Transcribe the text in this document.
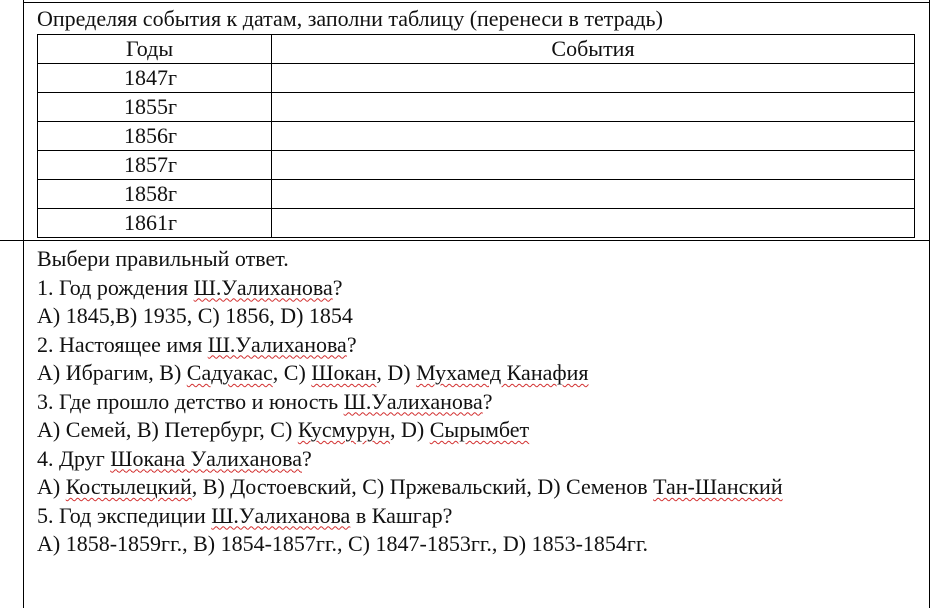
Определяя события к датам, заполни таблицу (перенеси в тетрадь)
Годы	События
1847г	
1855г	
1856г	
1857г	
1858г	
1861г	
Выбери правильный ответ.
1. Год рождения Ш.Уалиханова?
А) 1845,В) 1935, С) 1856, D) 1854
2. Настоящее имя Ш.Уалиханова?
А) Ибрагим, В) Садуакас, С) Шокан, D) Мухамед Канафия
3. Где прошло детство и юность Ш.Уалиханова?
А) Семей, В) Петербург, С) Кусмурун, D) Сырымбет
4. Друг Шокана Уалиханова?
А) Костылецкий, В) Достоевский, С) Пржевальский, D) Семенов Тан-Шанский
5. Год экспедиции Ш.Уалиханова в Кашгар?
А) 1858-1859гг., В) 1854-1857гг., С) 1847-1853гг., D) 1853-1854гг.
